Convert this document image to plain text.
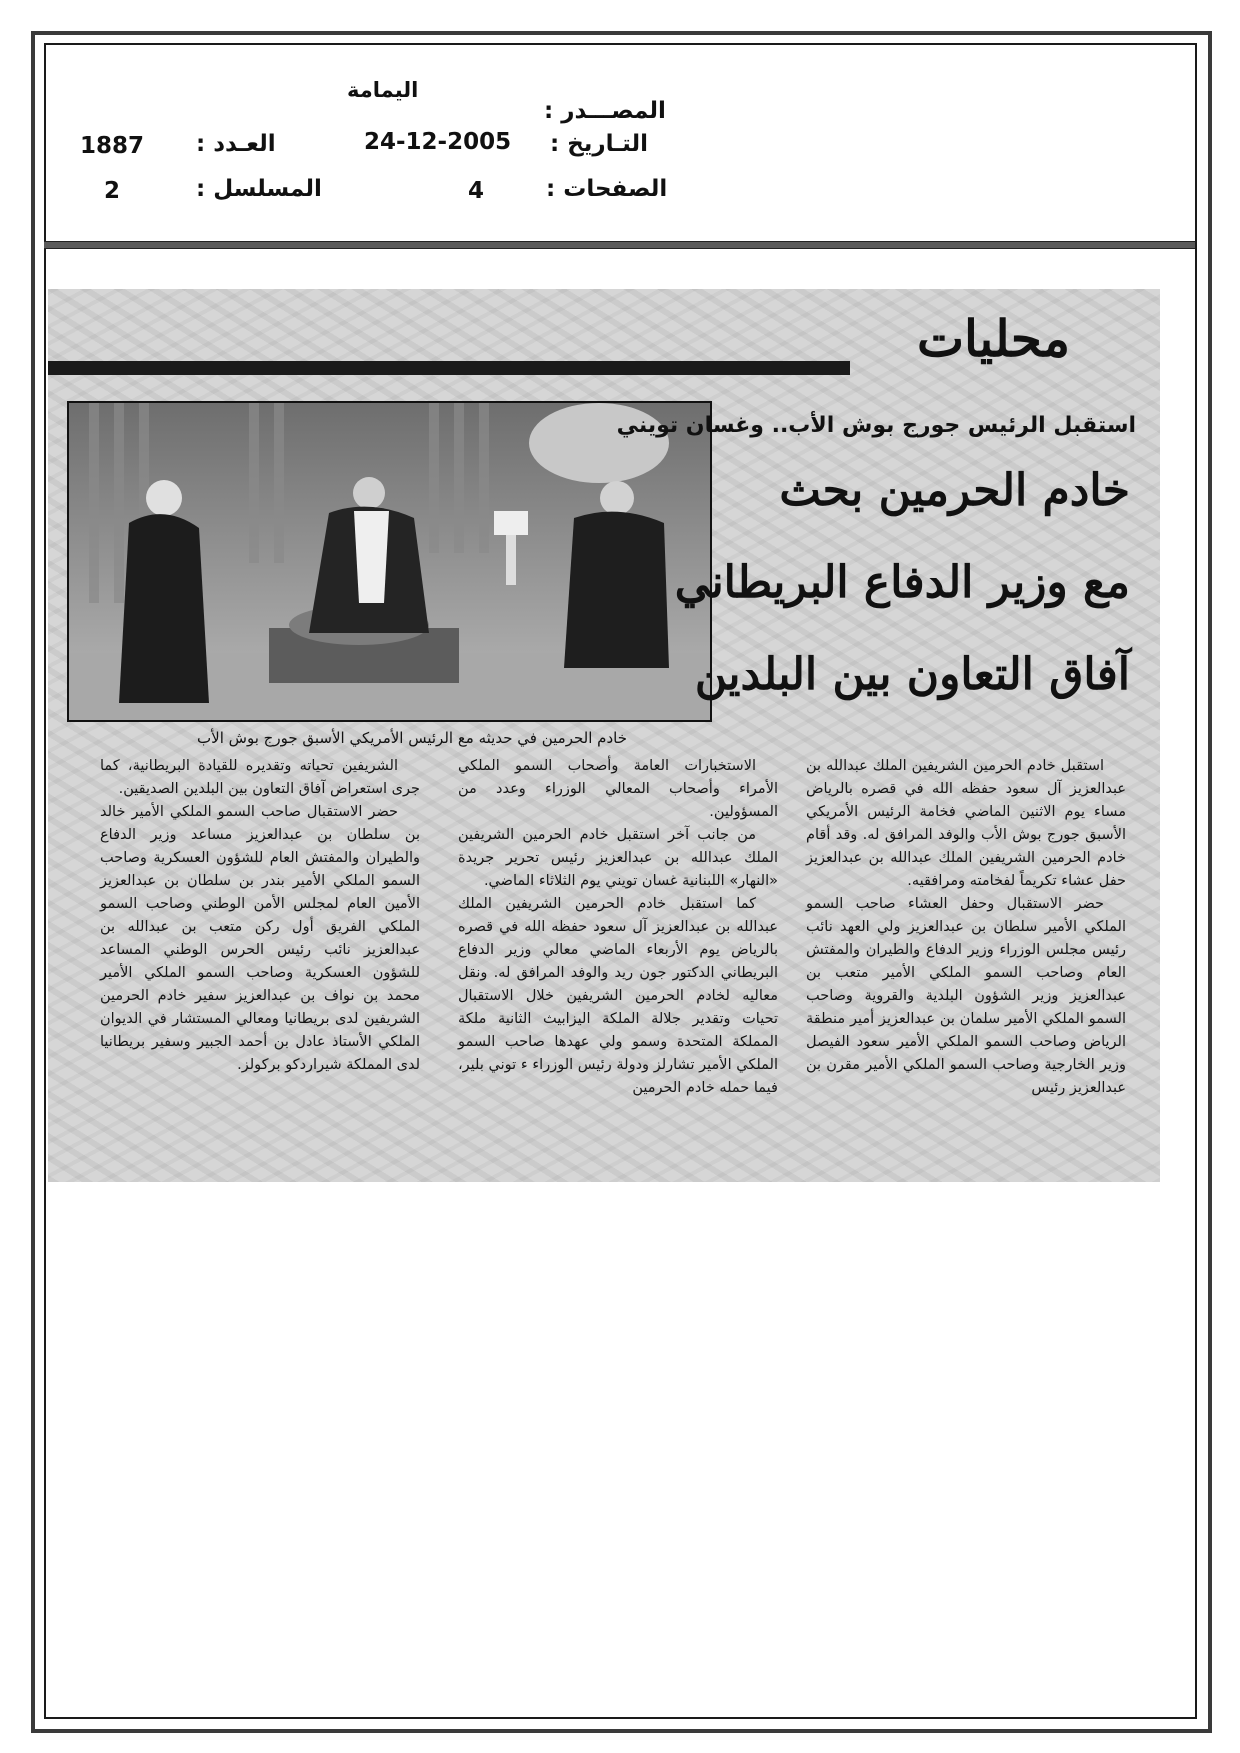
المصـــدر :
اليمامة
التـاريخ :
24-12-2005
العـدد :
1887
الصفحات :
4
المسلسل :
2
محليات
استقبل الرئيس جورج بوش الأب.. وغسان تويني
خادم الحرمين بحث
مع وزير الدفاع البريطاني
آفاق التعاون بين البلدين
خادم الحرمين في حديثه مع الرئيس الأمريكي الأسبق جورج بوش الأب

استقبل خادم الحرمين الشريفين الملك عبدالله بن عبدالعزيز آل سعود حفظه الله في قصره بالرياض مساء يوم الاثنين الماضي فخامة الرئيس الأمريكي الأسبق جورج بوش الأب والوفد المرافق له. وقد أقام خادم الحرمين الشريفين الملك عبدالله بن عبدالعزيز حفل عشاء تكريماً لفخامته ومرافقيه.

حضر الاستقبال وحفل العشاء صاحب السمو الملكي الأمير سلطان بن عبدالعزيز ولي العهد نائب رئيس مجلس الوزراء وزير الدفاع والطيران والمفتش العام وصاحب السمو الملكي الأمير متعب بن عبدالعزيز وزير الشؤون البلدية والقروية وصاحب السمو الملكي الأمير سلمان بن عبدالعزيز أمير منطقة الرياض وصاحب السمو الملكي الأمير سعود الفيصل وزير الخارجية وصاحب السمو الملكي الأمير مقرن بن عبدالعزيز رئيس

الاستخبارات العامة وأصحاب السمو الملكي الأمراء وأصحاب المعالي الوزراء وعدد من المسؤولين.

من جانب آخر استقبل خادم الحرمين الشريفين الملك عبدالله بن عبدالعزيز رئيس تحرير جريدة «النهار» اللبنانية غسان تويني يوم الثلاثاء الماضي.

كما استقبل خادم الحرمين الشريفين الملك عبدالله بن عبدالعزيز آل سعود حفظه الله في قصره بالرياض يوم الأربعاء الماضي معالي وزير الدفاع البريطاني الدكتور جون ريد والوفد المرافق له. ونقل معاليه لخادم الحرمين الشريفين خلال الاستقبال تحيات وتقدير جلالة الملكة اليزابيث الثانية ملكة المملكة المتحدة وسمو ولي عهدها صاحب السمو الملكي الأمير تشارلز ودولة رئيس الوزراء ء توني بلير، فيما حمله خادم الحرمين

الشريفين تحياته وتقديره للقيادة البريطانية، كما جرى استعراض آفاق التعاون بين البلدين الصديقين.

حضر الاستقبال صاحب السمو الملكي الأمير خالد بن سلطان بن عبدالعزيز مساعد وزير الدفاع والطيران والمفتش العام للشؤون العسكرية وصاحب السمو الملكي الأمير بندر بن سلطان بن عبدالعزيز الأمين العام لمجلس الأمن الوطني وصاحب السمو الملكي الفريق أول ركن متعب بن عبدالله بن عبدالعزيز نائب رئيس الحرس الوطني المساعد للشؤون العسكرية وصاحب السمو الملكي الأمير محمد بن نواف بن عبدالعزيز سفير خادم الحرمين الشريفين لدى بريطانيا ومعالي المستشار في الديوان الملكي الأستاذ عادل بن أحمد الجبير وسفير بريطانيا لدى المملكة شيراردكو بركولز.
